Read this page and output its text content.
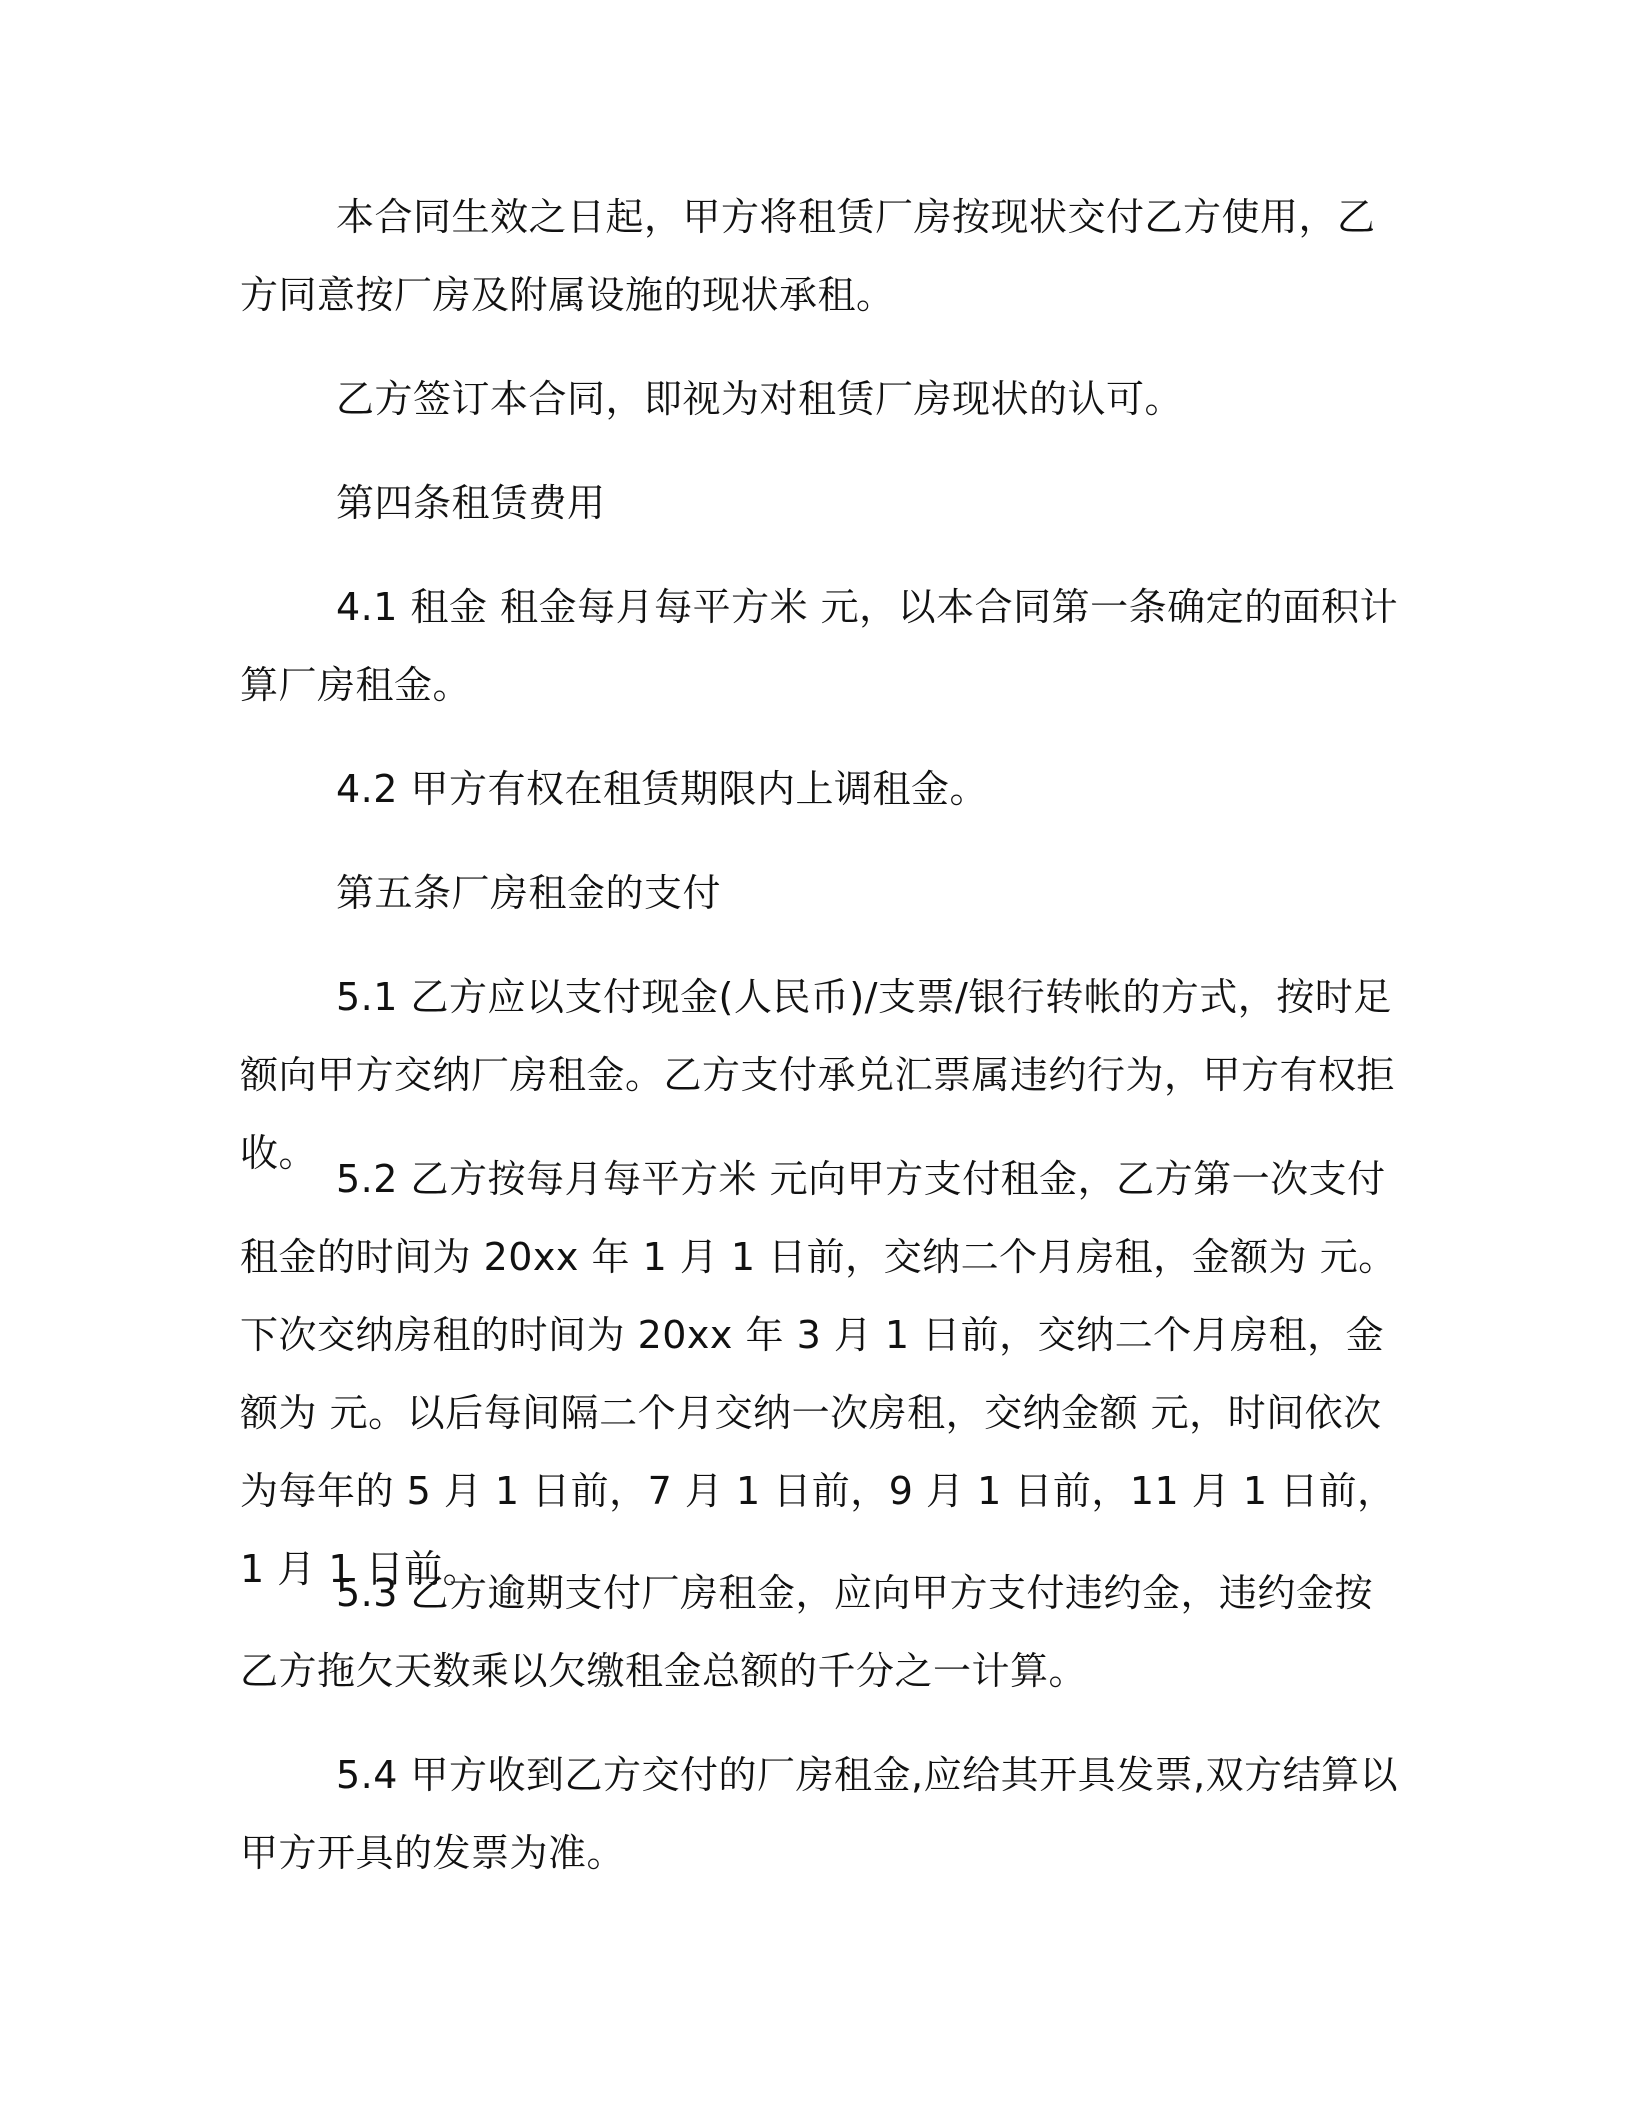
本合同生效之日起，甲方将租赁厂房按现状交付乙方使用，乙方同意按厂房及附属设施的现状承租。

乙方签订本合同，即视为对租赁厂房现状的认可。

第四条租赁费用

4.1 租金 租金每月每平方米 元，以本合同第一条确定的面积计算厂房租金。

4.2 甲方有权在租赁期限内上调租金。

第五条厂房租金的支付

5.1 乙方应以支付现金(人民币)/支票/银行转帐的方式，按时足额向甲方交纳厂房租金。乙方支付承兑汇票属违约行为，甲方有权拒收。

5.2 乙方按每月每平方米 元向甲方支付租金，乙方第一次支付租金的时间为 20xx 年 1 月 1 日前，交纳二个月房租，金额为 元。下次交纳房租的时间为 20xx 年 3 月 1 日前，交纳二个月房租，金额为 元。以后每间隔二个月交纳一次房租，交纳金额 元，时间依次为每年的 5 月 1 日前，7 月 1 日前，9 月 1 日前，11 月 1 日前，1 月 1 日前。

5.3 乙方逾期支付厂房租金，应向甲方支付违约金，违约金按乙方拖欠天数乘以欠缴租金总额的千分之一计算。

5.4 甲方收到乙方交付的厂房租金,应给其开具发票,双方结算以甲方开具的发票为准。
